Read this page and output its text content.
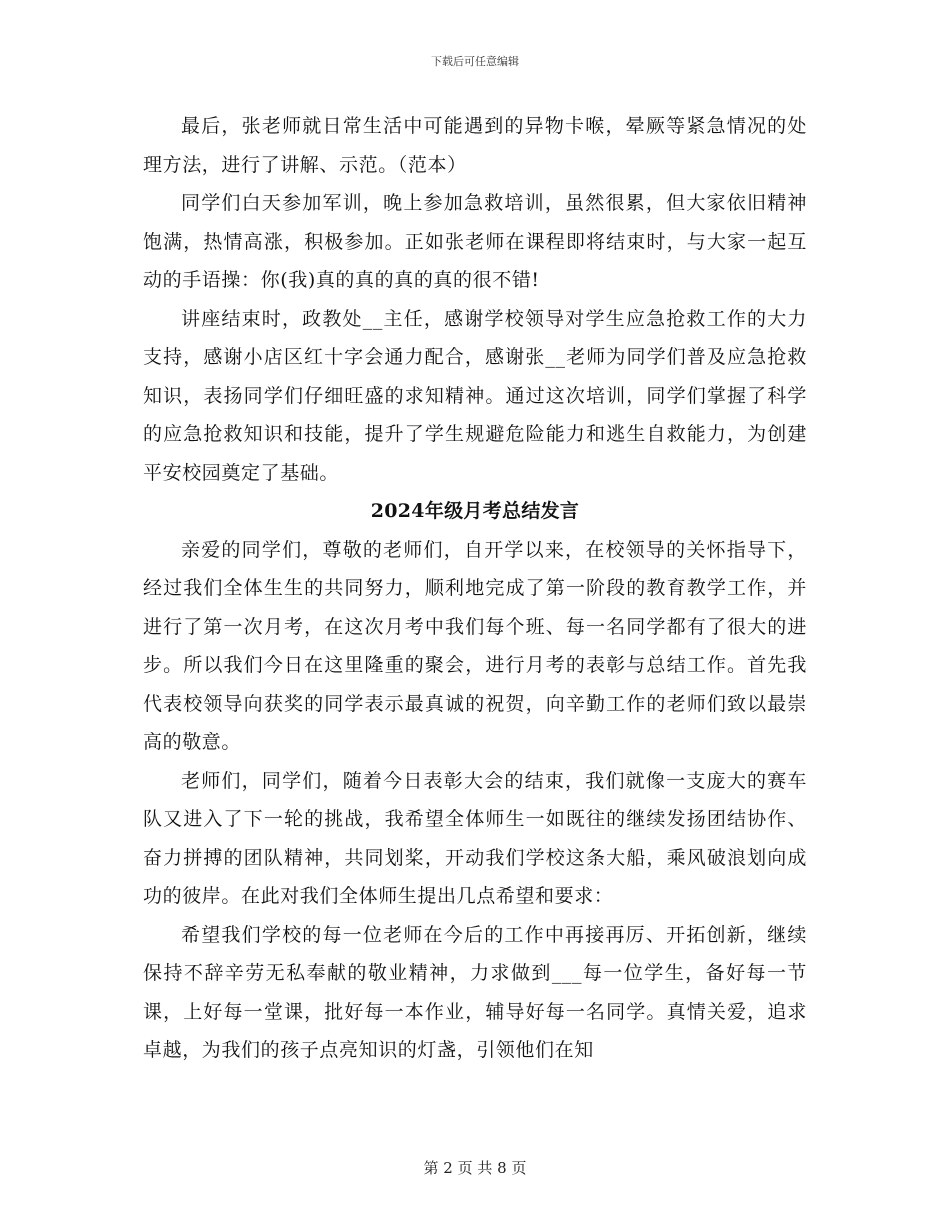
下载后可任意编辑

最后，张老师就日常生活中可能遇到的异物卡喉，晕厥等紧急情况的处理方法，进行了讲解、示范。（范本）

同学们白天参加军训，晚上参加急救培训，虽然很累，但大家依旧精神饱满，热情高涨，积极参加。正如张老师在课程即将结束时，与大家一起互动的手语操：你(我)真的真的真的真的很不错!

讲座结束时，政教处__主任，感谢学校领导对学生应急抢救工作的大力支持，感谢小店区红十字会通力配合，感谢张__老师为同学们普及应急抢救知识，表扬同学们仔细旺盛的求知精神。通过这次培训，同学们掌握了科学的应急抢救知识和技能，提升了学生规避危险能力和逃生自救能力，为创建平安校园奠定了基础。

2024年级月考总结发言

亲爱的同学们，尊敬的老师们，自开学以来，在校领导的关怀指导下，经过我们全体生生的共同努力，顺利地完成了第一阶段的教育教学工作，并进行了第一次月考，在这次月考中我们每个班、每一名同学都有了很大的进步。所以我们今日在这里隆重的聚会，进行月考的表彰与总结工作。首先我代表校领导向获奖的同学表示最真诚的祝贺，向辛勤工作的老师们致以最崇高的敬意。

老师们，同学们，随着今日表彰大会的结束，我们就像一支庞大的赛车队又进入了下一轮的挑战，我希望全体师生一如既往的继续发扬团结协作、奋力拼搏的团队精神，共同划桨，开动我们学校这条大船，乘风破浪划向成功的彼岸。在此对我们全体师生提出几点希望和要求：

希望我们学校的每一位老师在今后的工作中再接再厉、开拓创新，继续保持不辞辛劳无私奉献的敬业精神，力求做到___每一位学生，备好每一节课，上好每一堂课，批好每一本作业，辅导好每一名同学。真情关爱，追求卓越，为我们的孩子点亮知识的灯盏，引领他们在知

第 2 页 共 8 页
